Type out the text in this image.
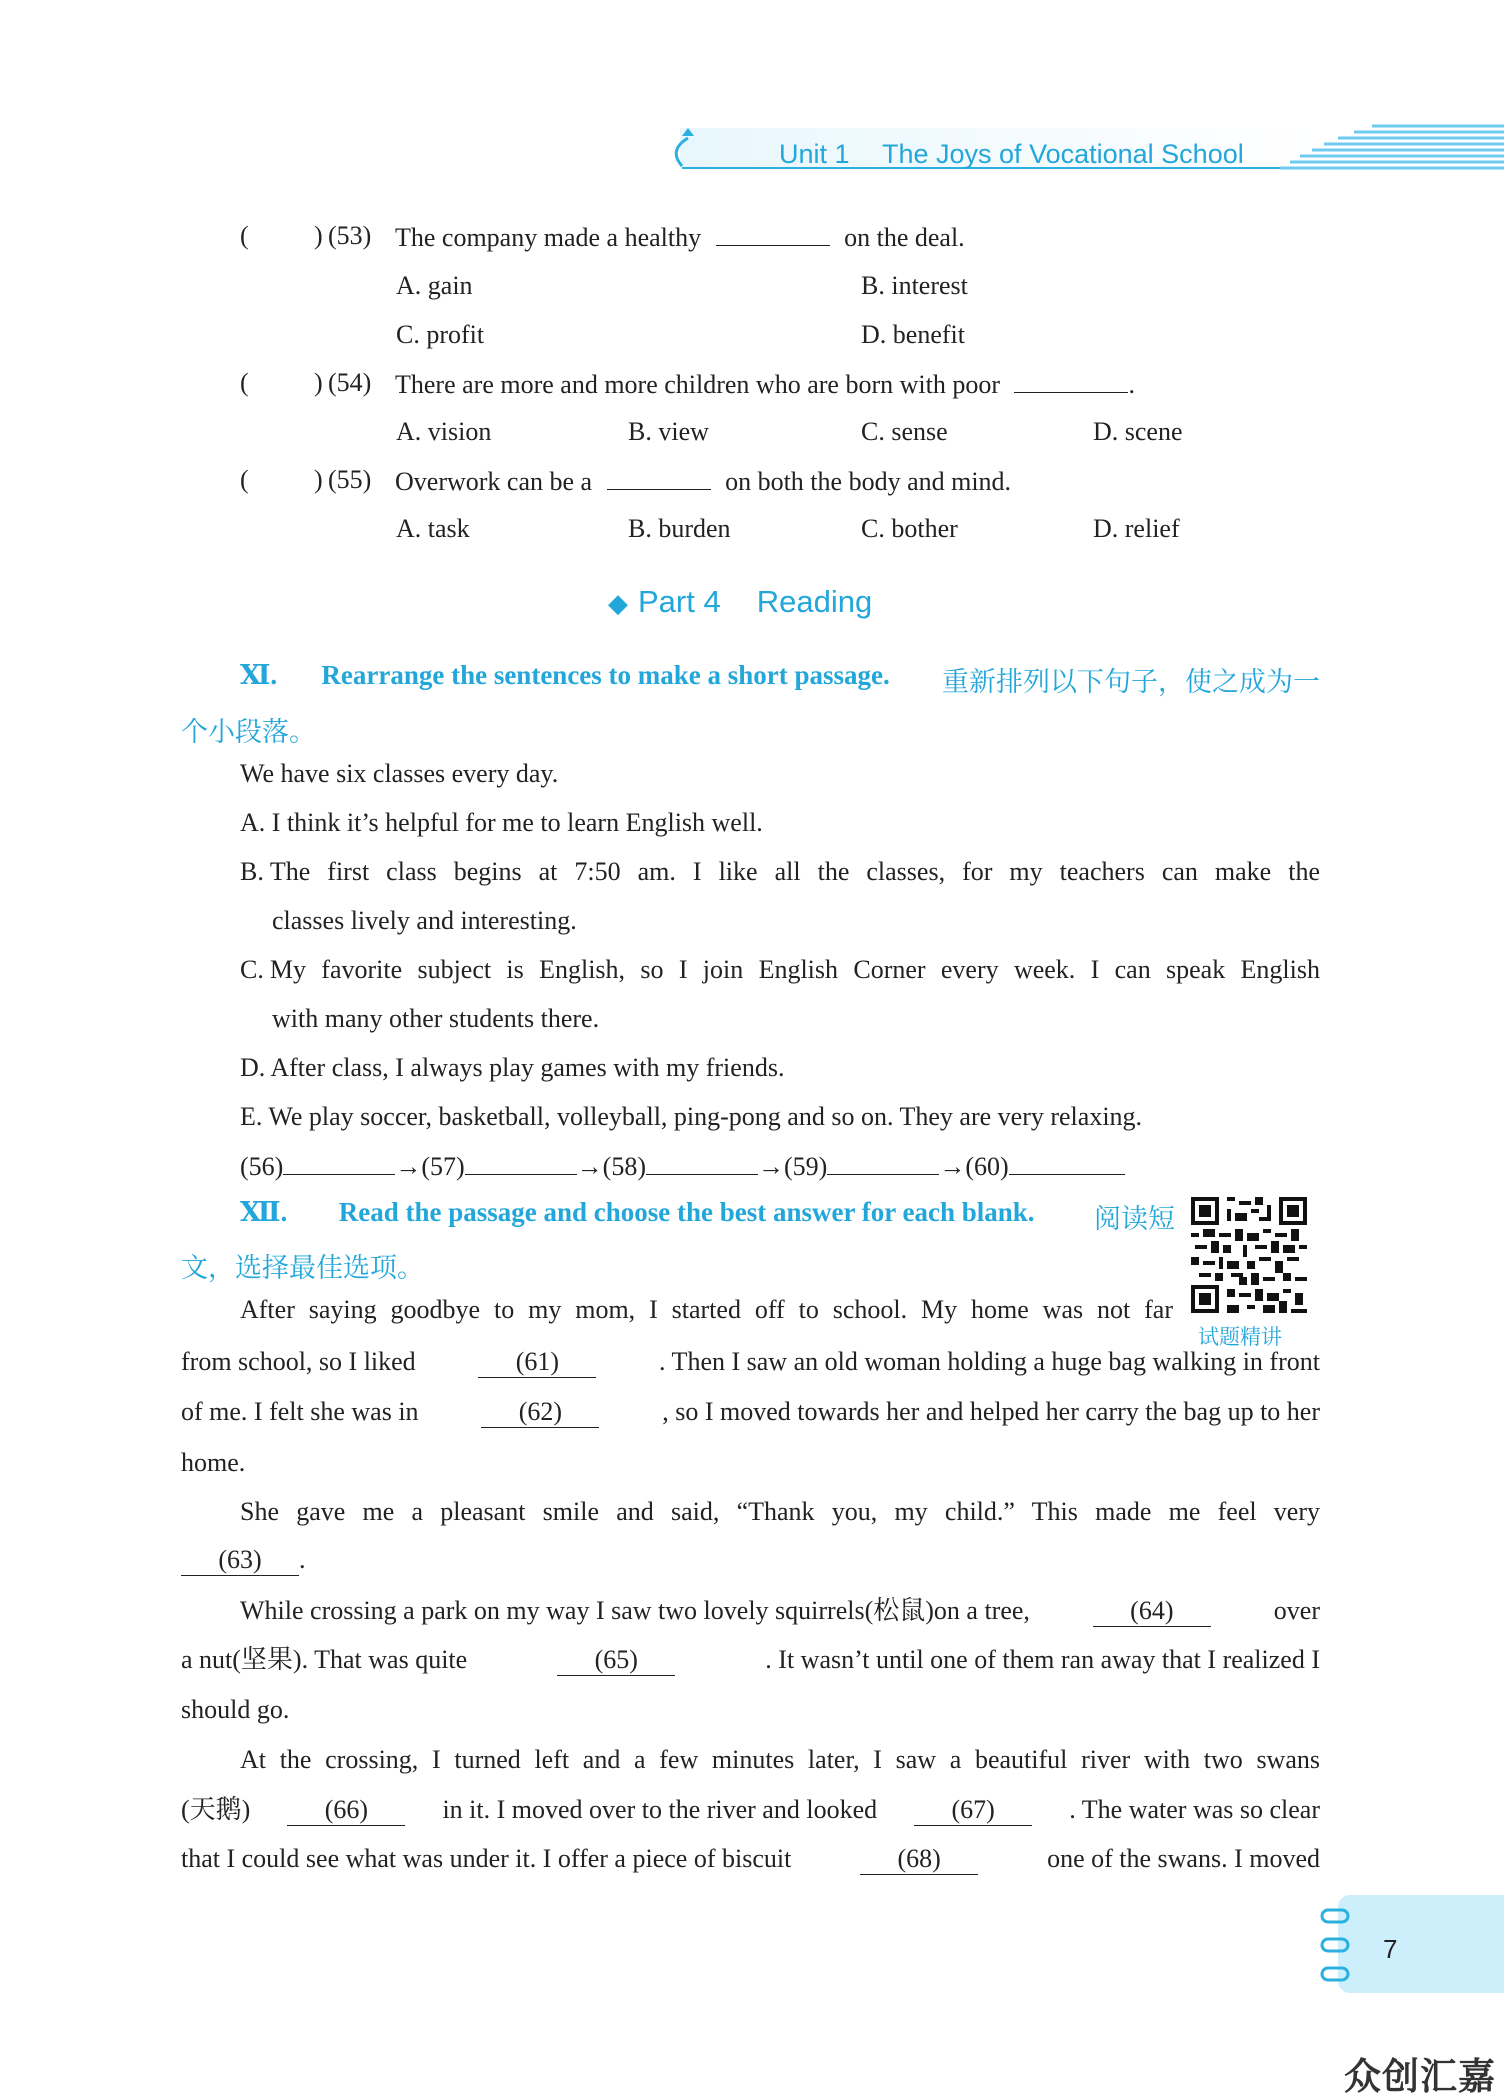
Unit 1 The Joys of Vocational School
(	) (53) The company made a healthy	on the deal.
A. gain	B. interest
C. profit	D. benefit
(	) (54) There are more and more children who are born with poor	.
A. vision	B. view	C. sense	D. scene
(	) (55) Overwork can be a	on both the body and mind.
A. task	B. burden	C. bother	D. relief
◆ Part 4 Reading
Ⅺ. Rearrange the sentences to make a short passage. 重新排列以下句子，使之成为一
个小段落。
We have six classes every day.
A. I think it’s helpful for me to learn English well.
B. The first class begins at 7:50 am. I like all the classes, for my teachers can make the
classes lively and interesting.
C. My favorite subject is English, so I join English Corner every week. I can speak English
with many other students there.
D. After class, I always play games with my friends.
E. We play soccer, basketball, volleyball, ping-pong and so on. They are very relaxing.
(56)	→(57)	→(58)	→(59)	→(60)
Ⅻ. Read the passage and choose the best answer for each blank. 阅读短
文，选择最佳选项。
试题精讲
After saying goodbye to my mom, I started off to school. My home was not far
from school, so I liked	(61)	. Then I saw an old woman holding a huge bag walking in front
of me. I felt she was in	(62)	, so I moved towards her and helped her carry the bag up to her
home.
She gave me a pleasant smile and said, “Thank you, my child.” This made me feel very
(63) .
While crossing a park on my way I saw two lovely squirrels(松鼠)on a tree,	(64)	over
a nut(坚果). That was quite	(65)	. It wasn’t until one of them ran away that I realized I
should go.
At the crossing, I turned left and a few minutes later, I saw a beautiful river with two swans
(天鹅)	(66)	in it. I moved over to the river and looked	(67)	. The water was so clear
that I could see what was under it. I offer a piece of biscuit	(68)	one of the swans. I moved
7
众创汇嘉
